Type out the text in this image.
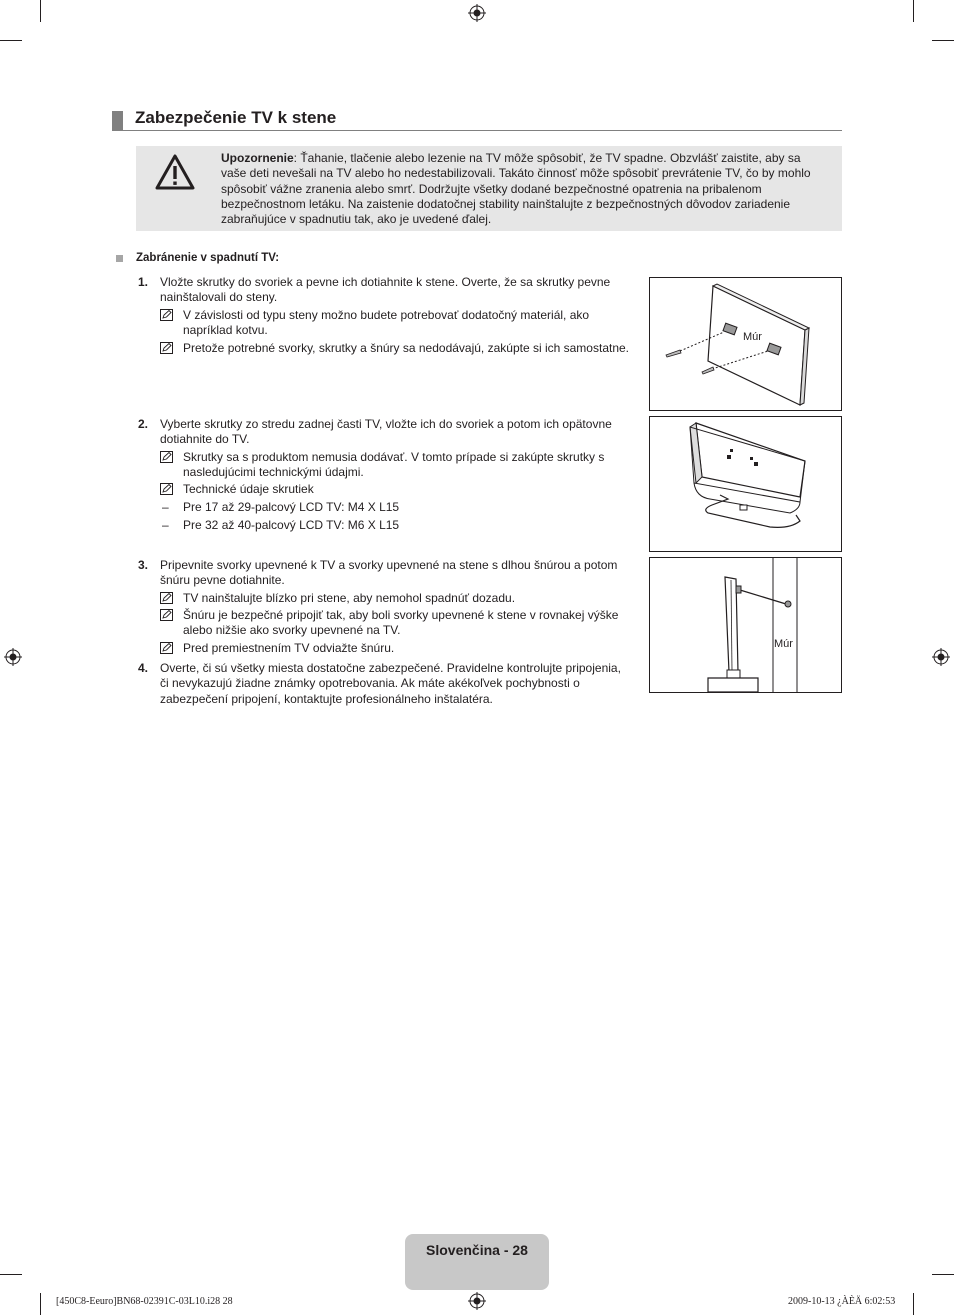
Zabezpečenie TV k stene
Upozornenie: Ťahanie, tlačenie alebo lezenie na TV môže spôsobiť, že TV spadne. Obzvlášť zaistite, aby sa vaše deti nevešali na TV alebo ho nedestabilizovali. Takáto činnosť môže spôsobiť prevrátenie TV, čo by mohlo spôsobiť vážne zranenia alebo smrť. Dodržujte všetky dodané bezpečnostné opatrenia na pribalenom bezpečnostnom letáku. Na zaistenie dodatočnej stability nainštalujte z bezpečnostných dôvodov zariadenie zabraňujúce v spadnutiu tak, ako je uvedené ďalej.
Zabránenie v spadnutí TV:
1. Vložte skrutky do svoriek a pevne ich dotiahnite k stene. Overte, že sa skrutky pevne nainštalovali do steny.
V závislosti od typu steny možno budete potrebovať dodatočný materiál, ako napríklad kotvu.
Pretože potrebné svorky, skrutky a šnúry sa nedodávajú, zakúpte si ich samostatne.
2. Vyberte skrutky zo stredu zadnej časti TV, vložte ich do svoriek a potom ich opätovne dotiahnite do TV.
Skrutky sa s produktom nemusia dodávať. V tomto prípade si zakúpte skrutky s nasledujúcimi technickými údajmi.
Technické údaje skrutiek
– Pre 17 až 29-palcový LCD TV: M4 X L15
– Pre 32 až 40-palcový LCD TV: M6 X L15
3. Pripevnite svorky upevnené k TV a svorky upevnené na stene s dlhou šnúrou a potom šnúru pevne dotiahnite.
TV nainštalujte blízko pri stene, aby nemohol spadnúť dozadu.
Šnúru je bezpečné pripojiť tak, aby boli svorky upevnené k stene v rovnakej výške alebo nižšie ako svorky upevnené na TV.
Pred premiestnením TV odviažte šnúru.
4. Overte, či sú všetky miesta dostatočne zabezpečené. Pravidelne kontrolujte pripojenia, či nevykazujú žiadne známky opotrebovania. Ak máte akékoľvek pochybnosti o zabezpečení pripojení, kontaktujte profesionálneho inštalatéra.
Múr
Múr
Slovenčina - 28
[450C8-Eeuro]BN68-02391C-03L10.i28 28	2009-10-13 ¿ÀÈÄ 6:02:53
